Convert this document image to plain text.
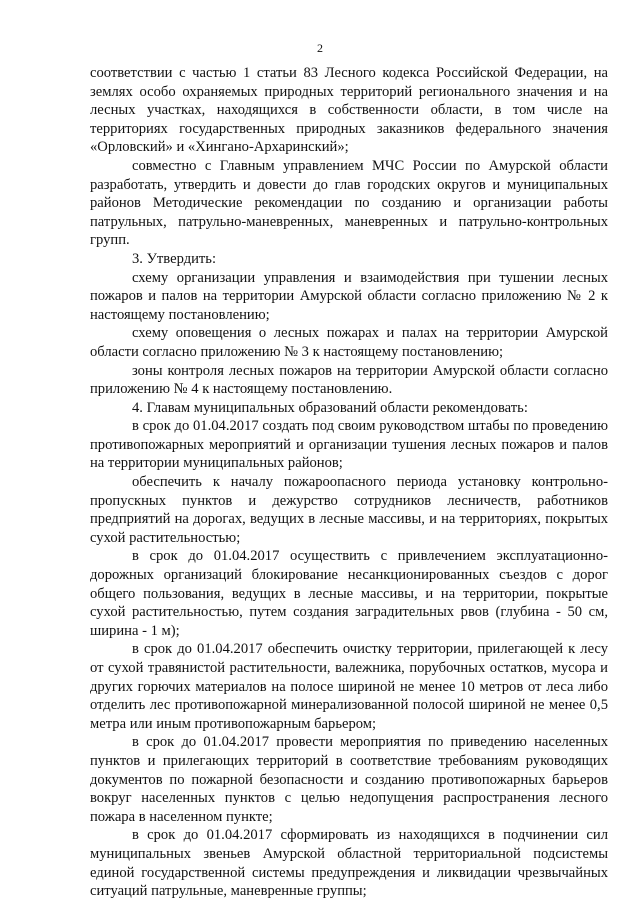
2

соответствии с частью 1 статьи 83 Лесного кодекса Российской Федерации, на землях особо охраняемых природных территорий регионального значения и на лесных участках, находящихся в собственности области, в том числе на территориях государственных природных заказников федерального значения «Орловский» и «Хингано-Архаринский»;

совместно с Главным управлением МЧС России по Амурской области разработать, утвердить и довести до глав городских округов и муниципальных районов Методические рекомендации по созданию и организации работы патрульных, патрульно-маневренных, маневренных и патрульно-контрольных групп.

3. Утвердить:

схему организации управления и взаимодействия при тушении лесных пожаров и палов на территории Амурской области согласно приложению № 2 к настоящему постановлению;

схему оповещения о лесных пожарах и палах на территории Амурской области согласно приложению № 3 к настоящему постановлению;

зоны контроля лесных пожаров на территории Амурской области согласно приложению № 4 к настоящему постановлению.

4. Главам муниципальных образований области рекомендовать:

в срок до 01.04.2017 создать под своим руководством штабы по проведению противопожарных мероприятий и организации тушения лесных пожаров и палов на территории муниципальных районов;

обеспечить к началу пожароопасного периода установку контрольно-пропускных пунктов и дежурство сотрудников лесничеств, работников предприятий на дорогах, ведущих в лесные массивы, и на территориях, покрытых сухой растительностью;

в срок до 01.04.2017 осуществить с привлечением эксплуатационно-дорожных организаций блокирование несанкционированных съездов с дорог общего пользования, ведущих в лесные массивы, и на территории, покрытые сухой растительностью, путем создания заградительных рвов (глубина - 50 см, ширина - 1 м);

в срок до 01.04.2017 обеспечить очистку территории, прилегающей к лесу от сухой травянистой растительности, валежника, порубочных остатков, мусора и других горючих материалов на полосе шириной не менее 10 метров от леса либо отделить лес противопожарной минерализованной полосой шириной не менее 0,5 метра или иным противопожарным барьером;

в срок до 01.04.2017 провести мероприятия по приведению населенных пунктов и прилегающих территорий в соответствие требованиям руководящих документов по пожарной безопасности и созданию противопожарных барьеров вокруг населенных пунктов с целью недопущения распространения лесного пожара в населенном пункте;

в срок до 01.04.2017 сформировать из находящихся в подчинении сил муниципальных звеньев Амурской областной территориальной подсистемы единой государственной системы предупреждения и ликвидации чрезвычайных ситуаций патрульные, маневренные группы;
